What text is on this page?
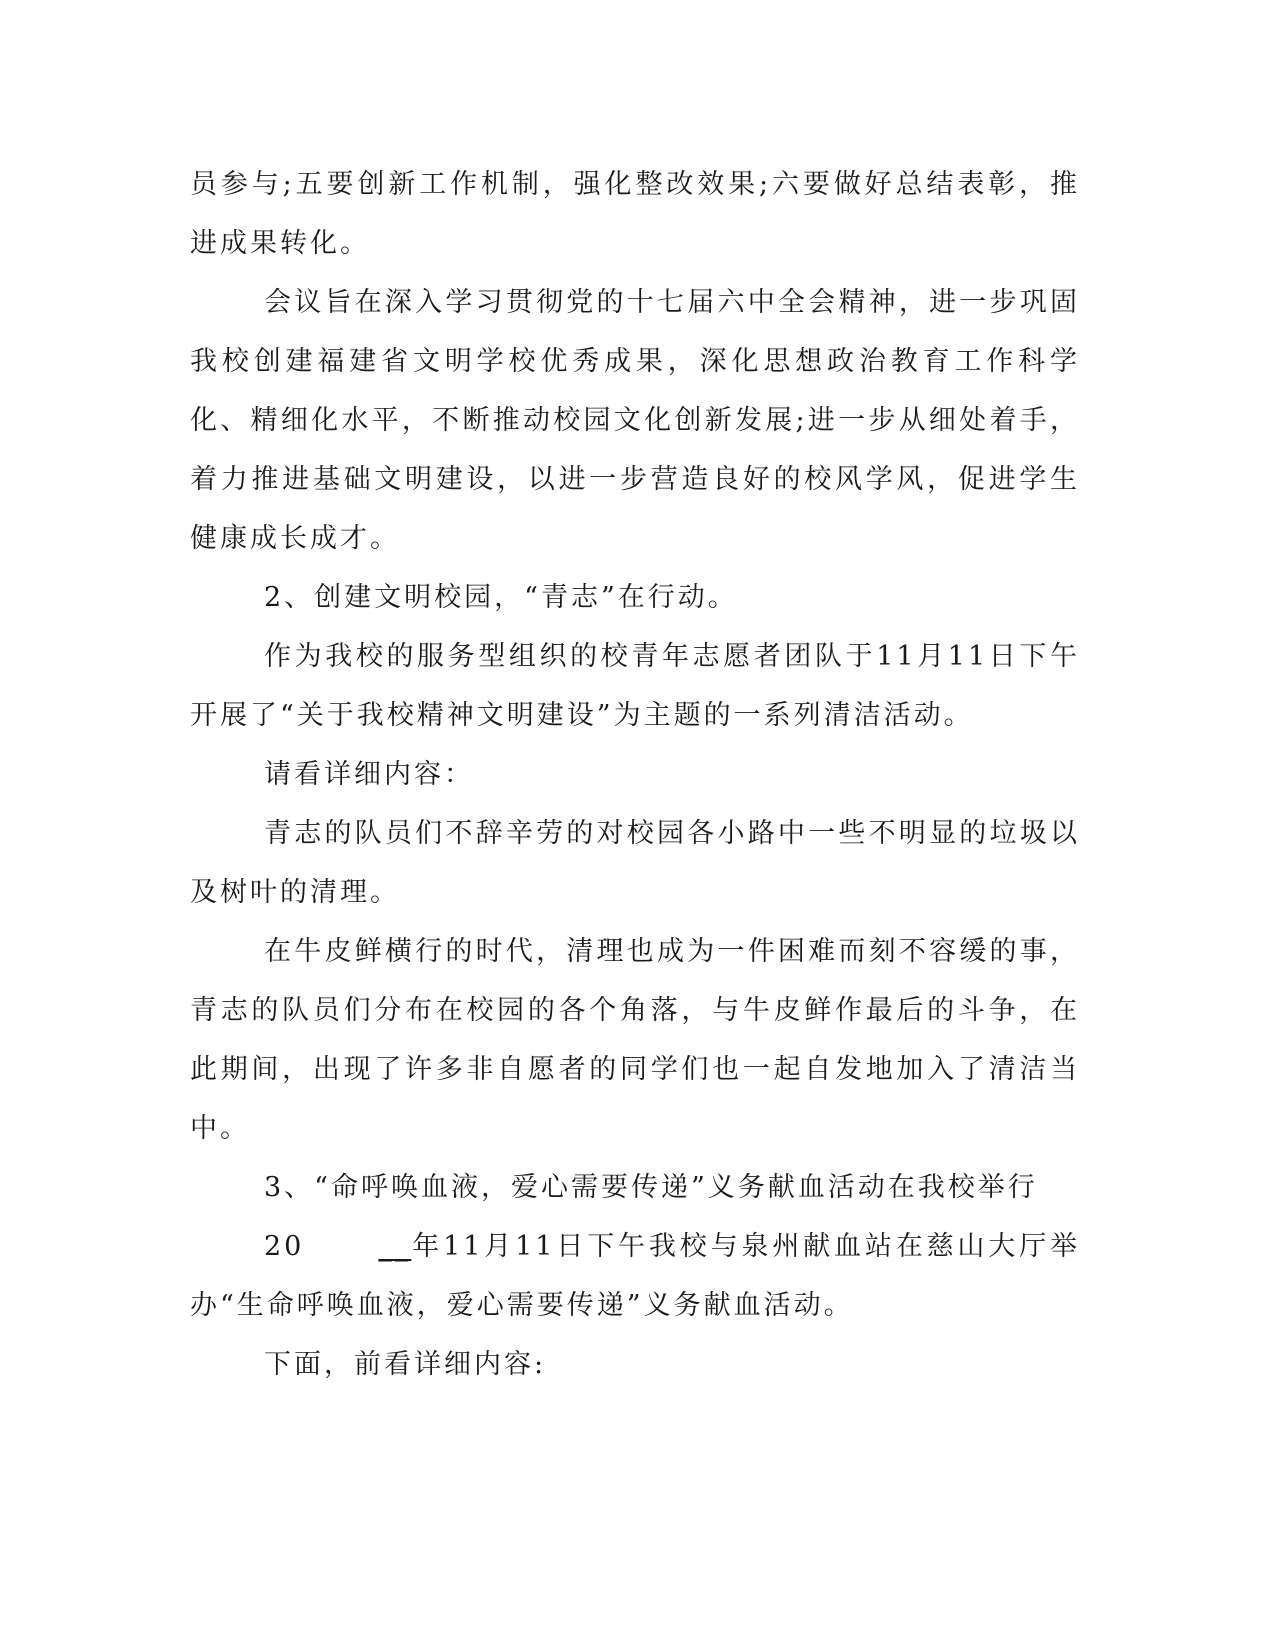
员参与;五要创新工作机制，强化整改效果;六要做好总结表彰，推进成果转化。

会议旨在深入学习贯彻党的十七届六中全会精神，进一步巩固我校创建福建省文明学校优秀成果，深化思想政治教育工作科学化、精细化水平，不断推动校园文化创新发展;进一步从细处着手，着力推进基础文明建设，以进一步营造良好的校风学风，促进学生健康成长成才。

2、创建文明校园，“青志”在行动。

作为我校的服务型组织的校青年志愿者团队于11月11日下午开展了“关于我校精神文明建设”为主题的一系列清洁活动。

请看详细内容：

青志的队员们不辞辛劳的对校园各小路中一些不明显的垃圾以及树叶的清理。

在牛皮鲜横行的时代，清理也成为一件困难而刻不容缓的事，青志的队员们分布在校园的各个角落，与牛皮鲜作最后的斗争，在此期间，出现了许多非自愿者的同学们也一起自发地加入了清洁当中。

3、“命呼唤血液，爱心需要传递”义务献血活动在我校举行

20	__年11月11日下午我校与泉州献血站在慈山大厅举办“生命呼唤血液，爱心需要传递”义务献血活动。

下面，前看详细内容:
